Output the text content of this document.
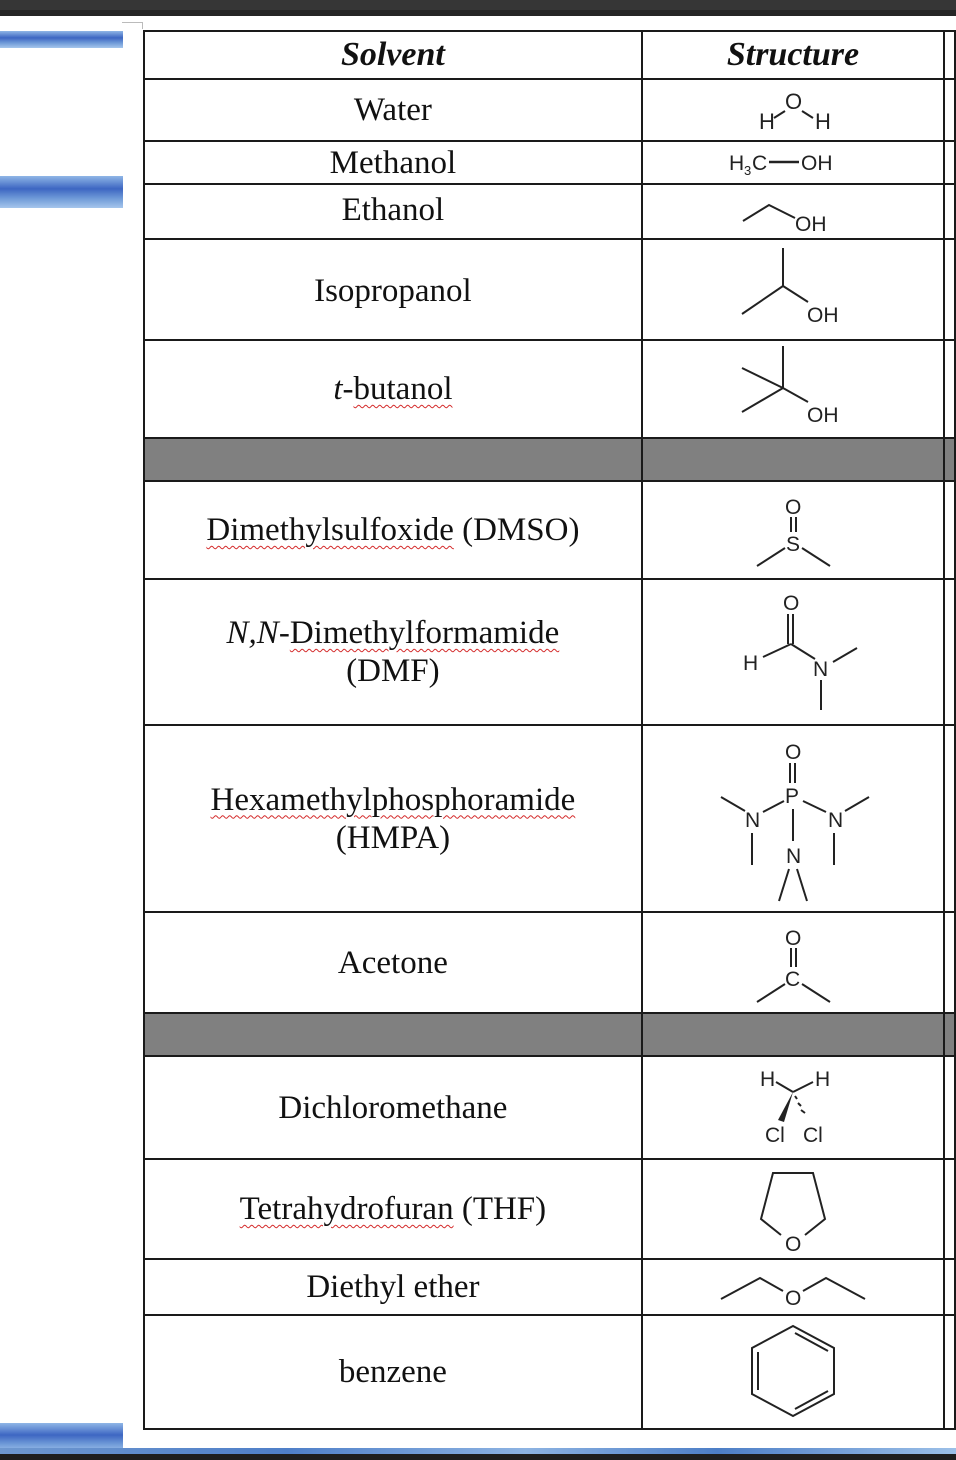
Solvent	Structure	
Water	H
O
H	

Methanol	H 3 C OH	

Ethanol	OH	

Isopropanol	OH	

t-butanol	OH	

Dimethylsulfoxide (DMSO)	O
S	

N,N-Dimethylformamide
(DMF)	O
H N	

Hexamethylphosphoramide
(HMPA)	O
P
N N
N	

Acetone	O
C	

Dichloromethane	H H
Cl Cl	

Tetrahydrofuran (THF)	O	

Diethyl ether	O	

benzene	
